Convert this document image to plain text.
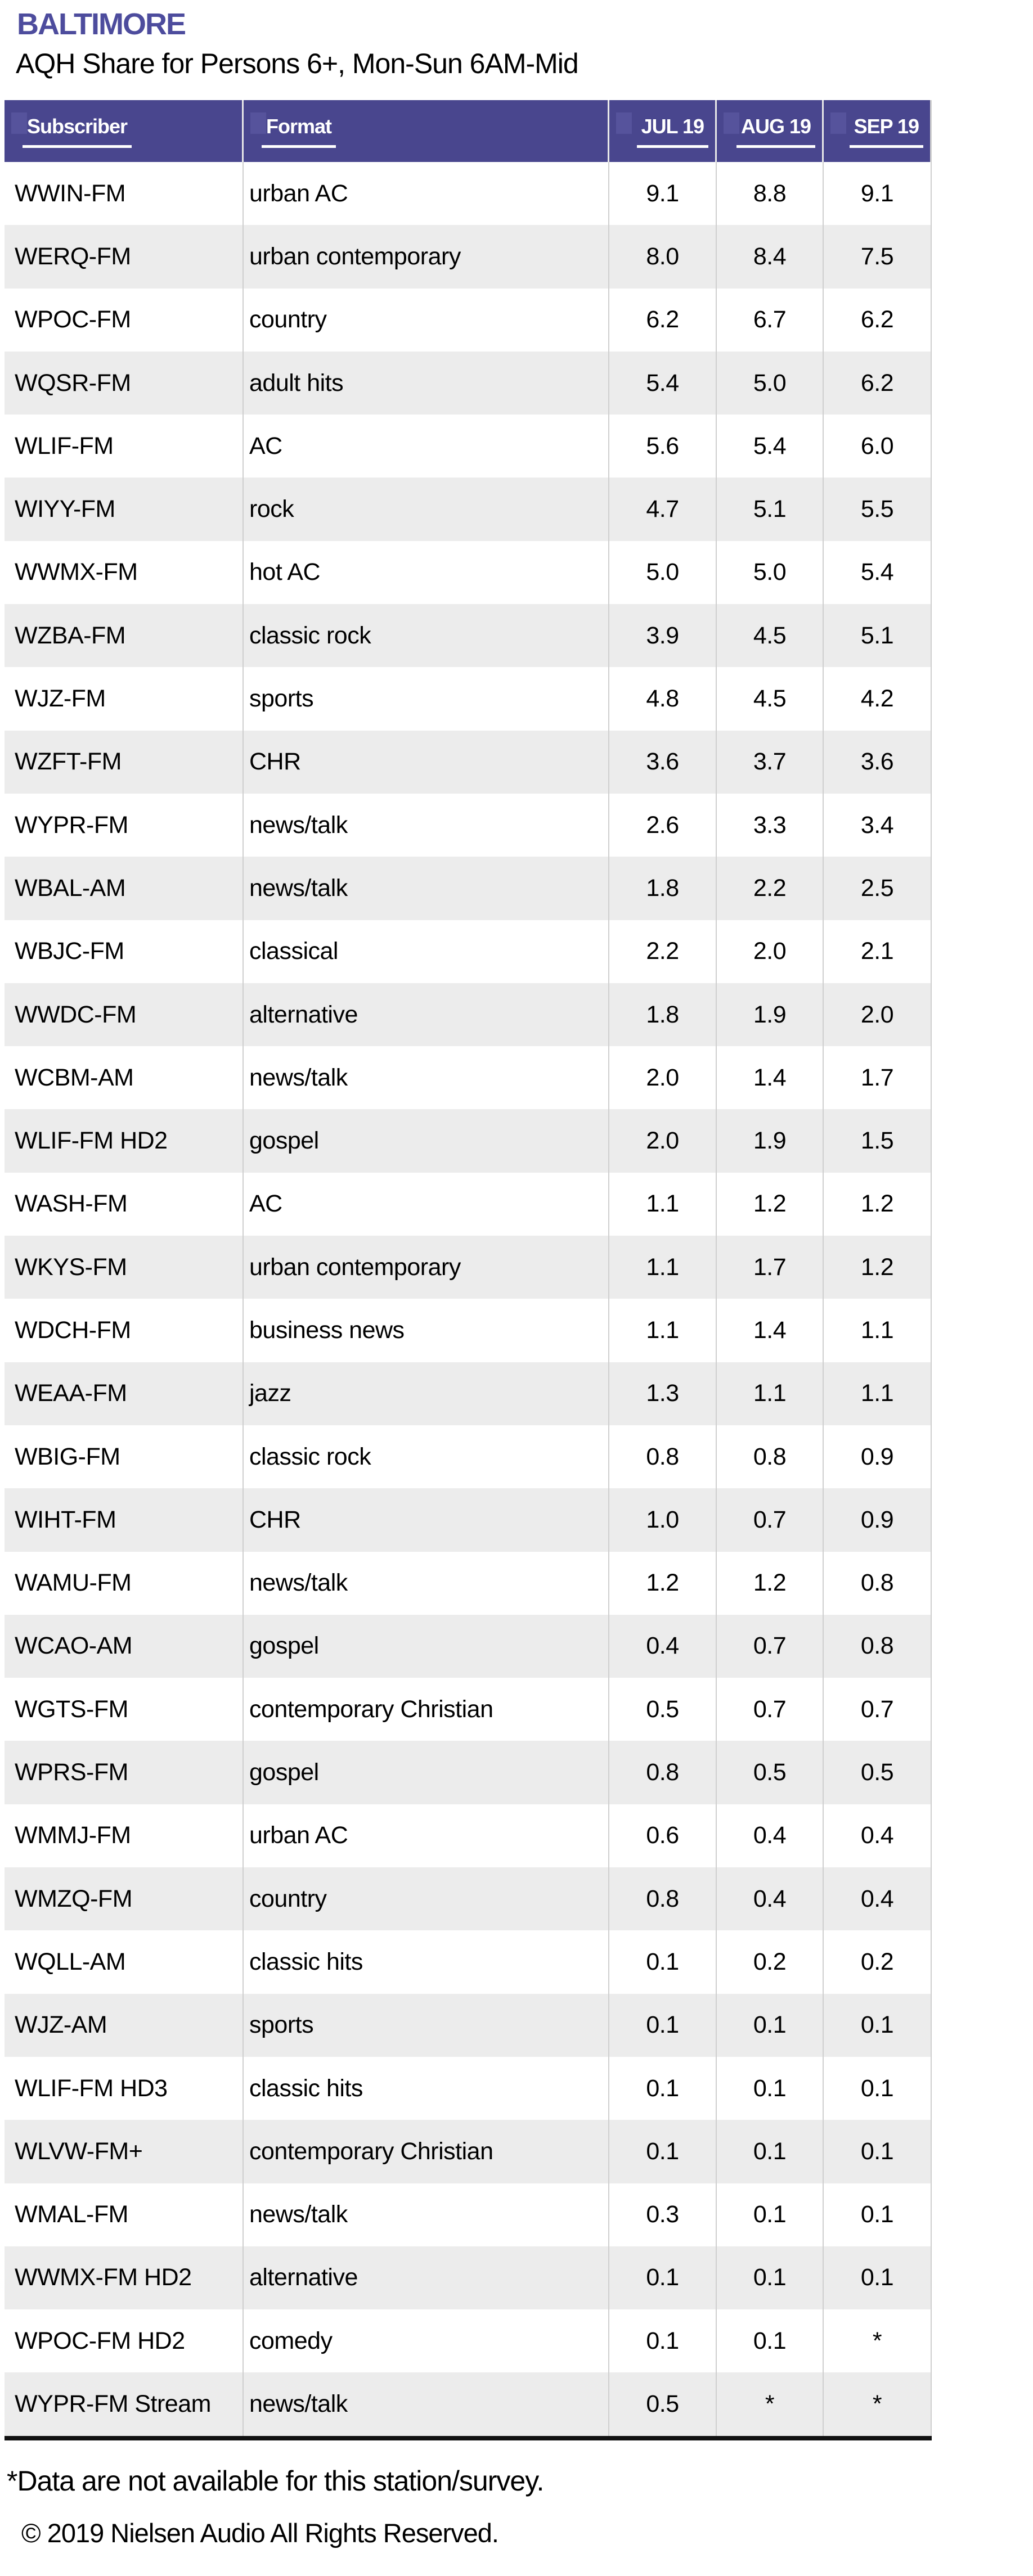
BALTIMORE
AQH Share for Persons 6+, Mon-Sun 6AM-Mid
Subscriber	Format	JUL 19 AUG 19 SEP 19
WWIN-FM	urban AC	9.1	8.8	9.1
WERQ-FM	urban contemporary	8.0	8.4	7.5
WPOC-FM	country	6.2	6.7	6.2
WQSR-FM	adult hits	5.4	5.0	6.2
WLIF-FM	AC	5.6	5.4	6.0
WIYY-FM	rock	4.7	5.1	5.5
WWMX-FM	hot AC	5.0	5.0	5.4
WZBA-FM	classic rock	3.9	4.5	5.1
WJZ-FM	sports	4.8	4.5	4.2
WZFT-FM	CHR	3.6	3.7	3.6
WYPR-FM	news/talk	2.6	3.3	3.4
WBAL-AM	news/talk	1.8	2.2	2.5
WBJC-FM	classical	2.2	2.0	2.1
WWDC-FM	alternative	1.8	1.9	2.0
WCBM-AM	news/talk	2.0	1.4	1.7
WLIF-FM HD2	gospel	2.0	1.9	1.5
WASH-FM	AC	1.1	1.2	1.2
WKYS-FM	urban contemporary	1.1	1.7	1.2
WDCH-FM	business news	1.1	1.4	1.1
WEAA-FM	jazz	1.3	1.1	1.1
WBIG-FM	classic rock	0.8	0.8	0.9
WIHT-FM	CHR	1.0	0.7	0.9
WAMU-FM	news/talk	1.2	1.2	0.8
WCAO-AM	gospel	0.4	0.7	0.8
WGTS-FM	contemporary Christian	0.5	0.7	0.7
WPRS-FM	gospel	0.8	0.5	0.5
WMMJ-FM	urban AC	0.6	0.4	0.4
WMZQ-FM	country	0.8	0.4	0.4
WQLL-AM	classic hits	0.1	0.2	0.2
WJZ-AM	sports	0.1	0.1	0.1
WLIF-FM HD3	classic hits	0.1	0.1	0.1
WLVW-FM+	contemporary Christian	0.1	0.1	0.1
WMAL-FM	news/talk	0.3	0.1	0.1
WWMX-FM HD2	alternative	0.1	0.1	0.1
WPOC-FM HD2	comedy	0.1	0.1	*
WYPR-FM Stream	news/talk	0.5	*	*
*Data are not available for this station/survey.
© 2019 Nielsen Audio All Rights Reserved.
